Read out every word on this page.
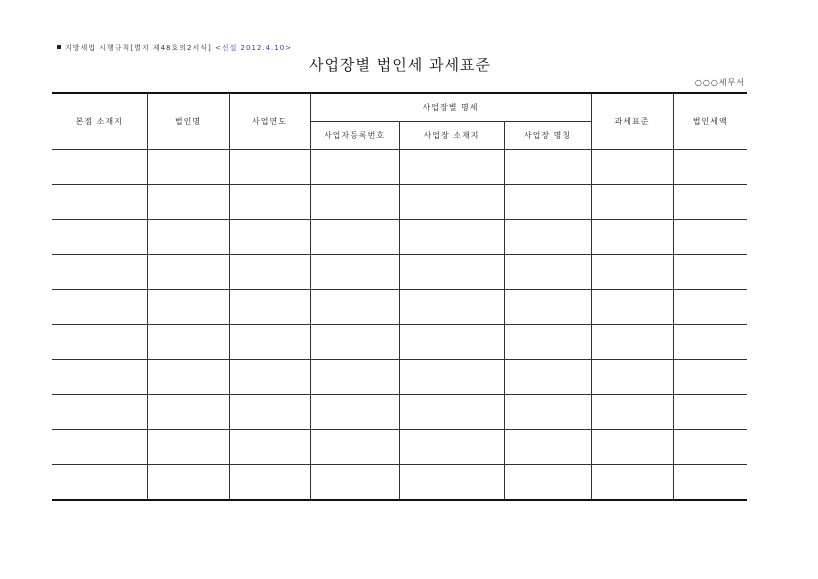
지방세법 시행규칙[별지 제48호의2서식] <신설 2012.4.10>
사업장별 법인세 과세표준
○○○세무서
본점 소재지	법인명	사업연도	사업장별 명세			과세표준	법인세액
			사업자등록번호	사업장 소재지	사업장 명칭		
